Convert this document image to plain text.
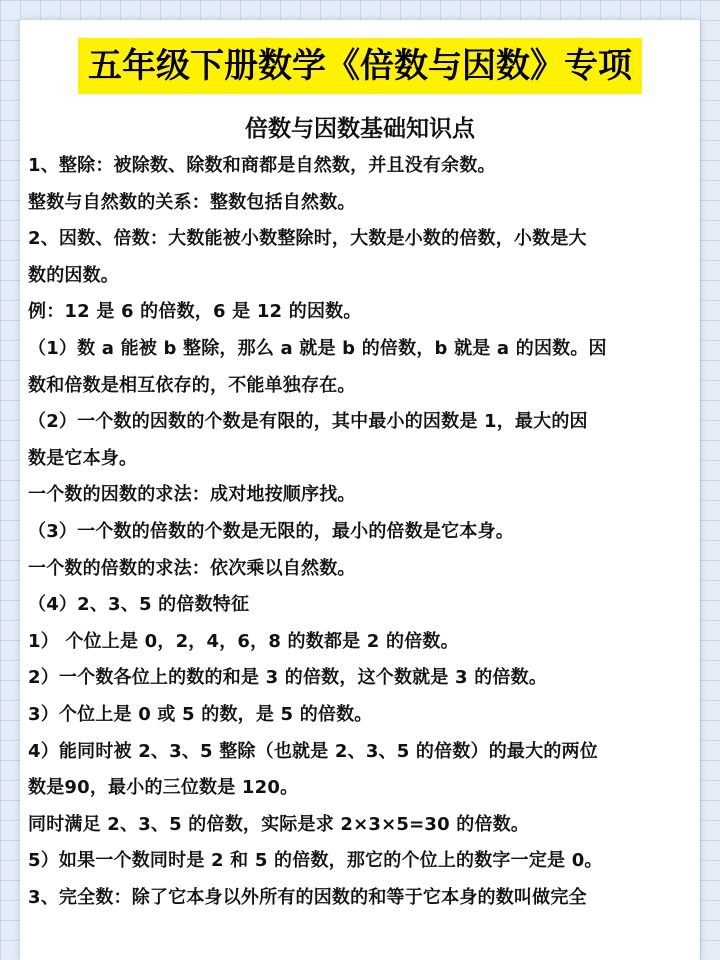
五年级下册数学《倍数与因数》专项
倍数与因数基础知识点
1、整除：被除数、除数和商都是自然数，并且没有余数。
整数与自然数的关系：整数包括自然数。
2、因数、倍数：大数能被小数整除时，大数是小数的倍数，小数是大
数的因数。
例：12 是 6 的倍数，6 是 12 的因数。
（1）数 a 能被 b 整除，那么 a 就是 b 的倍数，b 就是 a 的因数。因
数和倍数是相互依存的，不能单独存在。
（2）一个数的因数的个数是有限的，其中最小的因数是 1，最大的因
数是它本身。
一个数的因数的求法：成对地按顺序找。
（3）一个数的倍数的个数是无限的，最小的倍数是它本身。
一个数的倍数的求法：依次乘以自然数。
（4）2、3、5 的倍数特征
1） 个位上是 0，2，4，6，8 的数都是 2 的倍数。
2）一个数各位上的数的和是 3 的倍数，这个数就是 3 的倍数。
3）个位上是 0 或 5 的数，是 5 的倍数。
4）能同时被 2、3、5 整除（也就是 2、3、5 的倍数）的最大的两位
数是90，最小的三位数是 120。
同时满足 2、3、5 的倍数，实际是求 2×3×5=30 的倍数。
5）如果一个数同时是 2 和 5 的倍数，那它的个位上的数字一定是 0。
3、完全数：除了它本身以外所有的因数的和等于它本身的数叫做完全
